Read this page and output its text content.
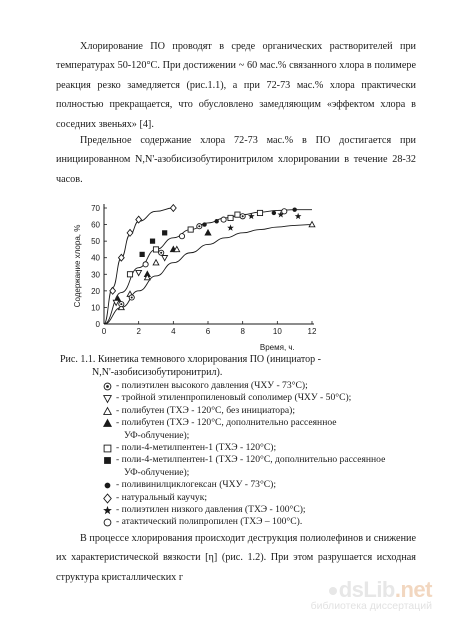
Хлорирование ПО проводят в среде органических растворителей при температурах 50-120°С. При достижении ~ 60 мас.% связанного хлора в полимере реакция резко замедляется (рис.1.1), а при 72-73 мас.% хлора практически полностью прекращается, что обусловлено замедляющим «эффектом хлора в соседних звеньях» [4].

Предельное содержание хлора 72-73 мас.% в ПО достигается при инициированном N,N'-азобисизобутиронитрилом хлорировании в течение 28-32 часов.

0	2	4	6	8	10	12
0
10
20
30
40
50
60
70
Содержание хлора, %
Время, ч.
Рис. 1.1. Кинетика темнового хлорирования ПО (инициатор -
N,N'-азобисизобутиронитрил).
- полиэтилен высокого давления (ЧХУ - 73°С);
- тройной этиленпропиленовый сополимер (ЧХУ - 50°С);
- полибутен (ТХЭ - 120°С, без инициатора);
- полибутен (ТХЭ - 120°С, дополнительно рассеянное
УФ-облучение);
- поли-4-метилпентен-1 (ТХЭ - 120°С);
- поли-4-метилпентен-1 (ТХЭ - 120°С, дополнительно рассеянное
УФ-облучение);
- поливинилциклогексан (ЧХУ - 73°С);
- натуральный каучук;
- полиэтилен низкого давления (ТХЭ - 100°С);
- атактический полипропилен (ТХЭ – 100°С).

В процессе хлорирования происходит деструкция полиолефинов и снижение их характеристической вязкости [η] (рис. 1.2). При этом разрушается исходная структура кристаллических г	dsLib.net
библиотека диссертаций
